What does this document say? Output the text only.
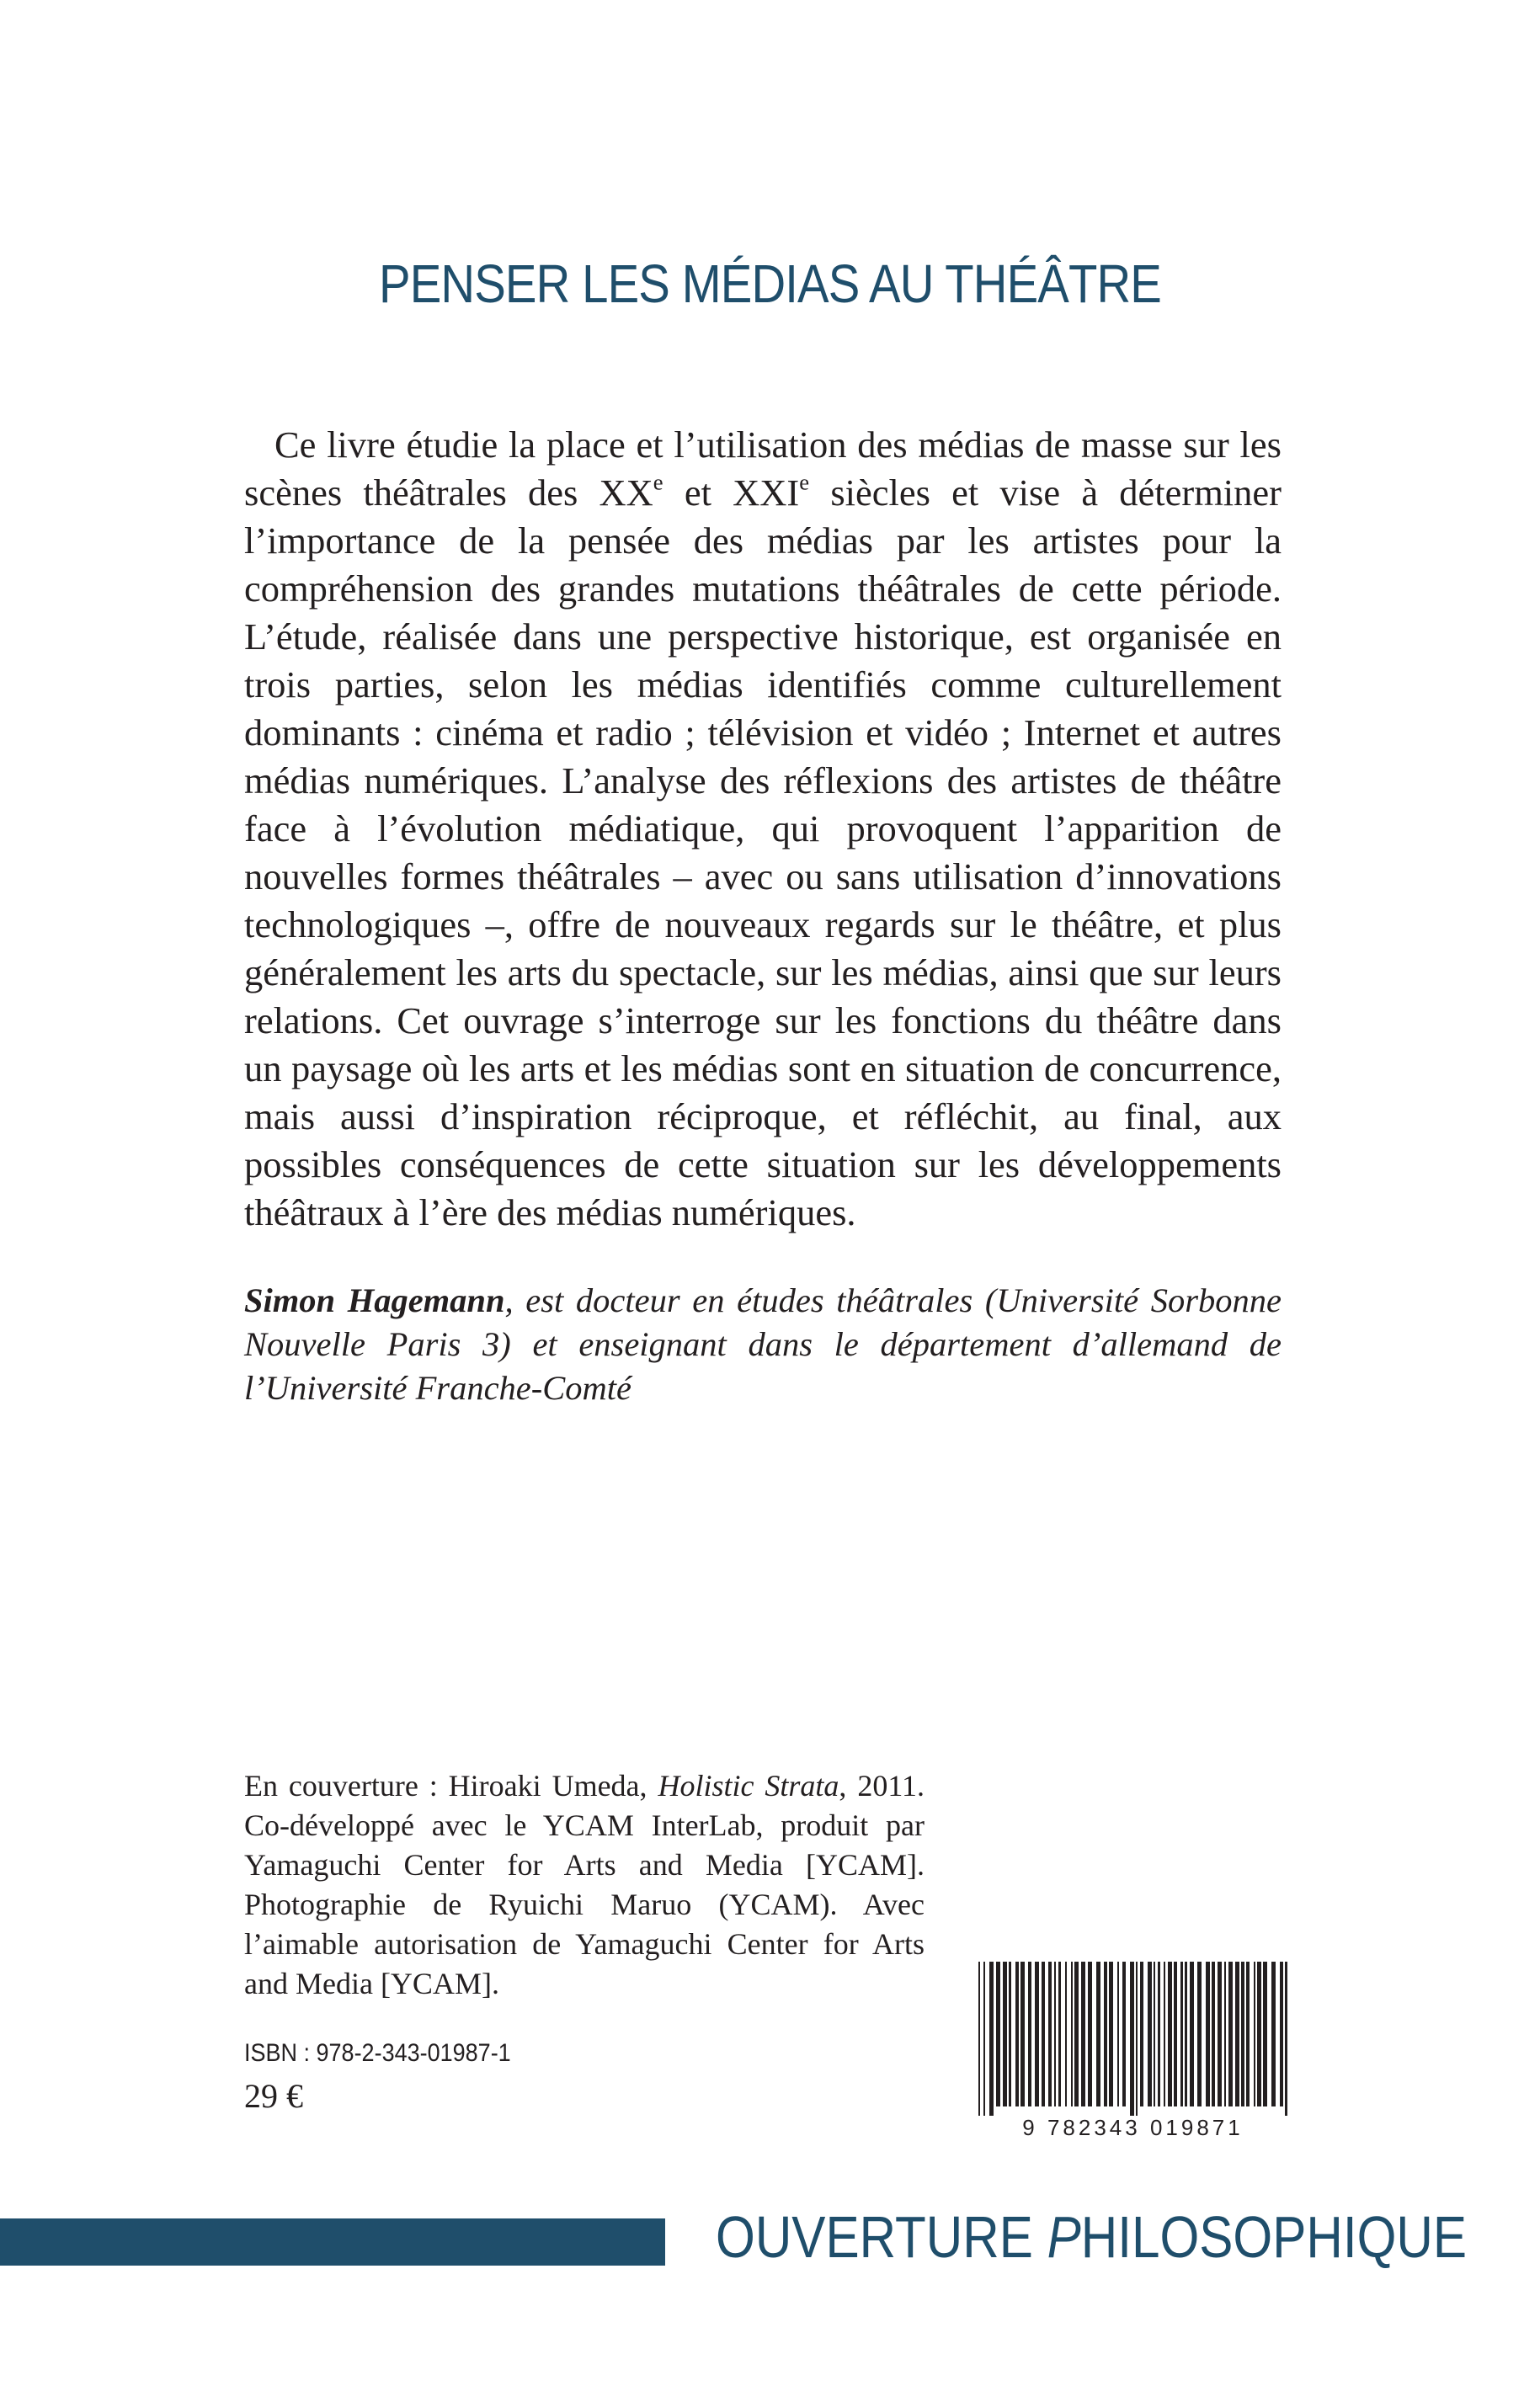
PENSER LES MÉDIAS AU THÉÂTRE

Ce livre étudie la place et l’utilisation des médias de masse sur les scènes théâtrales des XXe et XXIe siècles et vise à déterminer l’importance de la pensée des médias par les artistes pour la compréhension des grandes mutations théâtrales de cette période. L’étude, réalisée dans une perspective historique, est organisée en trois parties, selon les médias identifiés comme culturellement dominants : cinéma et radio ; télévision et vidéo ; Internet et autres médias numériques. L’analyse des réflexions des artistes de théâtre face à l’évolution médiatique, qui provoquent l’apparition de nouvelles formes théâtrales – avec ou sans utilisation d’innovations technologiques –, offre de nouveaux regards sur le théâtre, et plus généralement les arts du spectacle, sur les médias, ainsi que sur leurs relations. Cet ouvrage s’interroge sur les fonctions du théâtre dans un paysage où les arts et les médias sont en situation de concurrence, mais aussi d’inspiration réciproque, et réfléchit, au final, aux possibles conséquences de cette situation sur les développements théâtraux à l’ère des médias numériques.

Simon Hagemann, est docteur en études théâtrales (Université Sorbonne Nouvelle Paris 3) et enseignant dans le département d’allemand de l’Université Franche-Comté

En couverture : Hiroaki Umeda, Holistic Strata, 2011. Co-développé avec le YCAM InterLab, produit par Yamaguchi Center for Arts and Media [YCAM]. Photographie de Ryuichi Maruo (YCAM). Avec l’aimable autorisation de Yamaguchi Center for Arts and Media [YCAM].

ISBN : 978-2-343-01987-1
29 €
9 782343 019871
OUVERTURE PHILOSOPHIQUE
